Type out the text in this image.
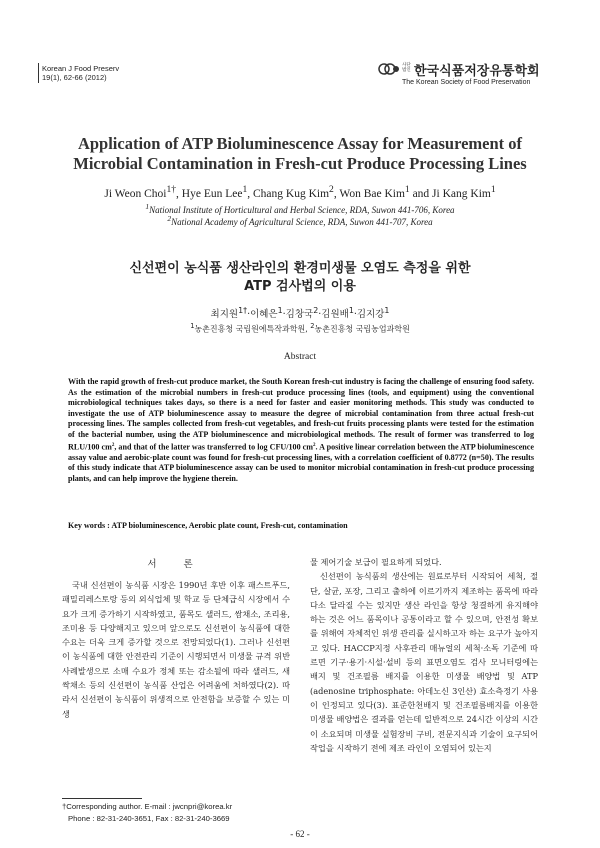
Korean J Food Preserv
19(1), 62-66 (2012)
사단 법인 한국식품저장유통학회
The Korean Society of Food Preservation
Application of ATP Bioluminescence Assay for Measurement of
Microbial Contamination in Fresh-cut Produce Processing Lines
Ji Weon Choi$^{1\dagger}$, Hye Eun Lee$^1$, Chang Kug Kim$^2$, Won Bae Kim$^1$ and Ji Kang Kim$^1$
$^1$National Institute of Horticultural and Herbal Science, RDA, Suwon 441-706, Korea
$^2$National Academy of Agricultural Science, RDA, Suwon 441-707, Korea
신선편이 농식품 생산라인의 환경미생물 오염도 측정을 위한
ATP 검사법의 이용
최지원$^{1\dagger}$·이혜은$^1$·김창국$^2$·김원배$^1$·김지강$^1$
$^1$농촌진흥청 국립원예특작과학원, $^2$농촌진흥청 국립농업과학원
Abstract
With the rapid growth of fresh-cut produce market, the South Korean fresh-cut industry is facing the challenge of ensuring food safety. As the estimation of the microbial numbers in fresh-cut produce processing lines (tools, and equipment) using the conventional microbiological techniques takes days, so there is a need for faster and easier monitoring methods. This study was conducted to investigate the use of ATP bioluminescence assay to measure the degree of microbial contamination from three actual fresh-cut processing lines. The samples collected from fresh-cut vegetables, and fresh-cut fruits processing plants were tested for the estimation of the bacterial number, using the ATP bioluminescence and microbiological methods. The result of former was transferred to log RLU/100 $cm^2$, and that of the latter was transferred to log CFU/100 $cm^2$. A positive linear correlation between the ATP bioluminescence assay value and aerobic-plate count was found for fresh-cut processing lines, with a correlation coefficient of 0.8772 (n=50). The results of this study indicate that ATP bioluminescence assay can be used to monitor microbial contamination in fresh-cut produce processing plants, and can help improve the hygiene therein.
Key words : ATP bioluminescence, Aerobic plate count, Fresh-cut, contamination
서 론

국내 신선편이 농식품 시장은 1990년 후반 이후 패스트푸드, 패밀리레스토랑 등의 외식업체 및 학교 등 단체급식 시장에서 수요가 크게 증가하기 시작하였고, 품목도 샐러드, 쌈채소, 조리용, 조미용 등 다양해지고 있으며 앞으로도 신선편이 농식품에 대한 수요는 더욱 크게 증가할 것으로 전망되었다(1). 그러나 신선편이 농식품에 대한 안전관리 기준이 시행되면서 미생물 규격 위반 사례발생으로 소매 수요가 정체 또는 감소될에 따라 샐러드, 새싹채소 등의 신선편이 농식품 산업은 어려움에 처하였다(2). 따라서 신선편이 농식품이 위생적으로 안전함을 보증할 수 있는 미생

물 제어기술 보급이 필요하게 되었다.

신선편이 농식품의 생산에는 원료로부터 시작되어 세척, 절단, 살균, 포장, 그리고 출하에 이르기까지 제조하는 품목에 따라 다소 달라질 수는 있지만 생산 라인을 항상 청결하게 유지해야 하는 것은 어느 품목이나 공통이라고 할 수 있으며, 안전성 확보를 위해여 자체적인 위생 관리를 실시하고자 하는 요구가 높아지고 있다. HACCP지정 사후관리 매뉴얼의 세척·소독 기준에 따르면 기구·용기·시설·설비 등의 표면오염도 검사 모니터링에는 배지 및 건조필름 배지를 이용한 미생물 배양법 및 ATP (adenosine triphosphate: 아데노신 3인산) 효소측정기 사용이 인정되고 있다(3). 표준한천배지 및 건조필름배지를 이용한 미생물 배양법은 결과를 얻는데 일반적으로 24시간 이상의 시간이 소요되며 미생물 실험장비 구비, 전문지식과 기술이 요구되어 작업을 시작하기 전에 제조 라인이 오염되어 있는지

†Corresponding author. E-mail : jwcnpri@korea.kr
Phone : 82-31-240-3651, Fax : 82-31-240-3669
- 62 -
